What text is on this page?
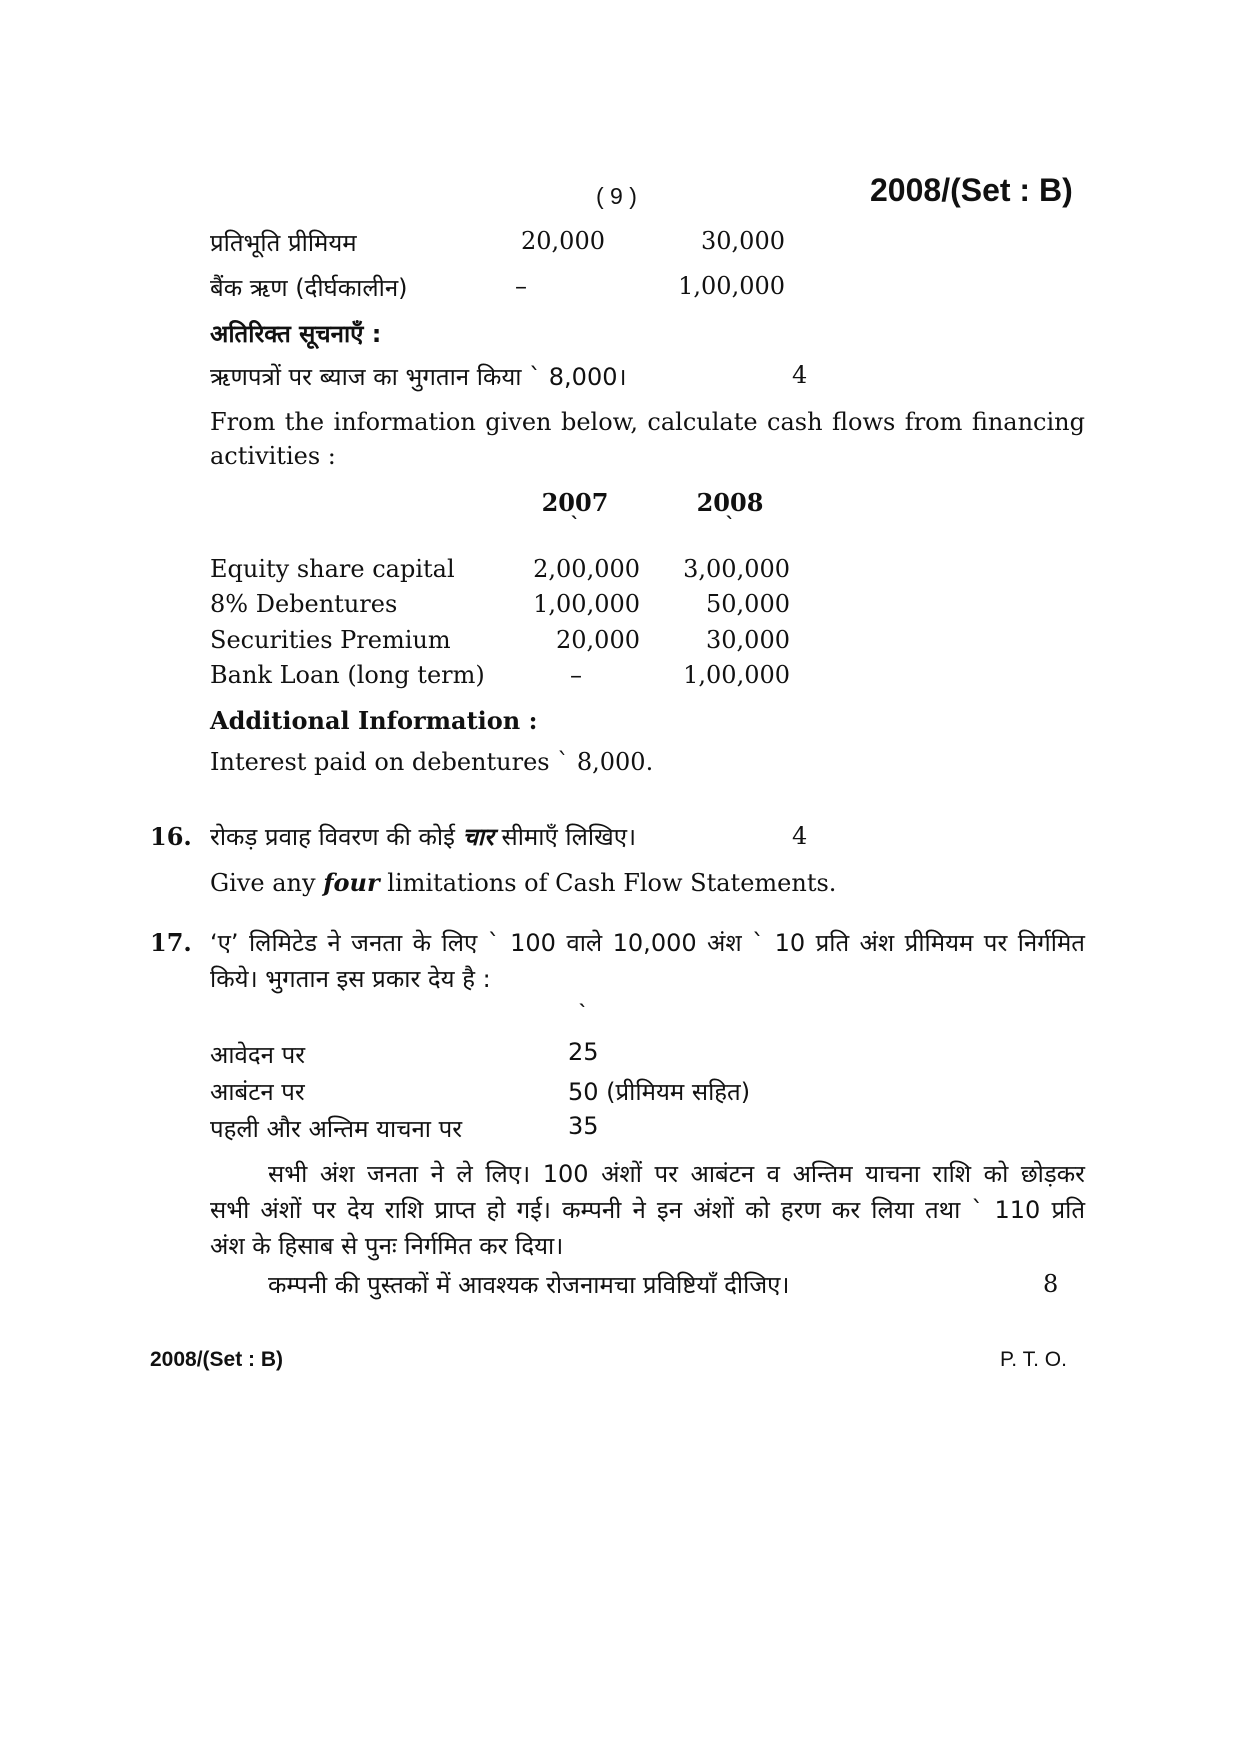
( 9 )	2008/(Set : B)
प्रतिभूति प्रीमियम	20,000	30,000
बैंक ऋण (दीर्घकालीन)	–	1,00,000
अतिरिक्त सूचनाएँ :
ऋणपत्रों पर ब्याज का भुगतान किया ` 8,000।	4
From the information given below, calculate cash flows from financing
activities :
2007	2008
`	`
Equity share capital	2,00,000	3,00,000
8% Debentures	1,00,000	50,000
Securities Premium	20,000	30,000
Bank Loan (long term)	–	1,00,000
Additional Information :
Interest paid on debentures ` 8,000.
16. रोकड़ प्रवाह विवरण की कोई चार सीमाएँ लिखिए।	4
Give any four limitations of Cash Flow Statements.
17. ‘ए’ लिमिटेड ने जनता के लिए ` 100 वाले 10,000 अंश ` 10 प्रति अंश प्रीमियम पर निर्गमित
किये। भुगतान इस प्रकार देय है :
`
आवेदन पर	25
आबंटन पर	50 (प्रीमियम सहित)
पहली और अन्तिम याचना पर	35
सभी अंश जनता ने ले लिए। 100 अंशों पर आबंटन व अन्तिम याचना राशि को छोड़कर
सभी अंशों पर देय राशि प्राप्त हो गई। कम्पनी ने इन अंशों को हरण कर लिया तथा ` 110 प्रति
अंश के हिसाब से पुनः निर्गमित कर दिया।
कम्पनी की पुस्तकों में आवश्यक रोजनामचा प्रविष्टियाँ दीजिए।	8
2008/(Set : B)	P. T. O.
